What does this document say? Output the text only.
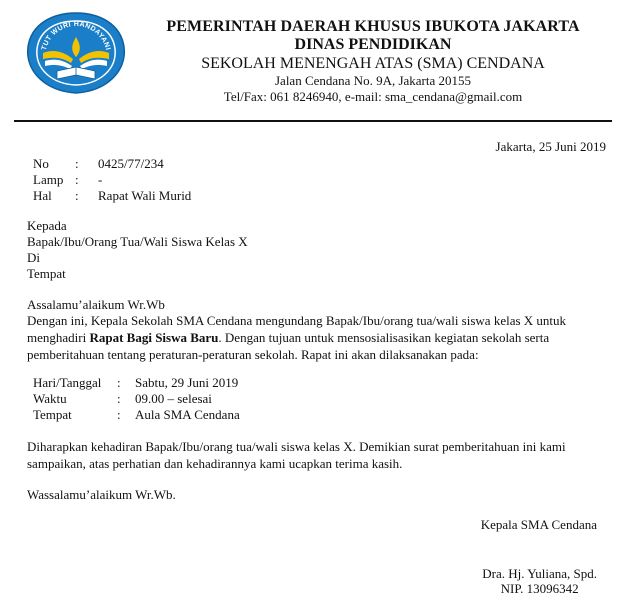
TUT WURI HANDAYANI
PEMERINTAH DAERAH KHUSUS IBUKOTA JAKARTA
DINAS PENDIDIKAN
SEKOLAH MENENGAH ATAS (SMA) CENDANA
Jalan Cendana No. 9A, Jakarta 20155
Tel/Fax: 061 8246940, e-mail: sma_cendana@gmail.com
Jakarta, 25 Juni 2019
No	:	0425/77/234
Lamp :	-
Hal	:	Rapat Wali Murid
Kepada
Bapak/Ibu/Orang Tua/Wali Siswa Kelas X
Di
Tempat
Assalamu’alaikum Wr.Wb

Dengan ini, Kepala Sekolah SMA Cendana mengundang Bapak/Ibu/orang tua/wali siswa kelas X untuk menghadiri Rapat Bagi Siswa Baru. Dengan tujuan untuk mensosialisasikan kegiatan sekolah serta pemberitahuan tentang peraturan-peraturan sekolah. Rapat ini akan dilaksanakan pada:

Hari/Tanggal	:	Sabtu, 29 Juni 2019
Waktu	:	09.00 – selesai
Tempat	:	Aula SMA Cendana

Diharapkan kehadiran Bapak/Ibu/orang tua/wali siswa kelas X. Demikian surat pemberitahuan ini kami sampaikan, atas perhatian dan kehadirannya kami ucapkan terima kasih.

Wassalamu’alaikum Wr.Wb.
Kepala SMA Cendana
Dra. Hj. Yuliana, Spd.
NIP. 13096342
